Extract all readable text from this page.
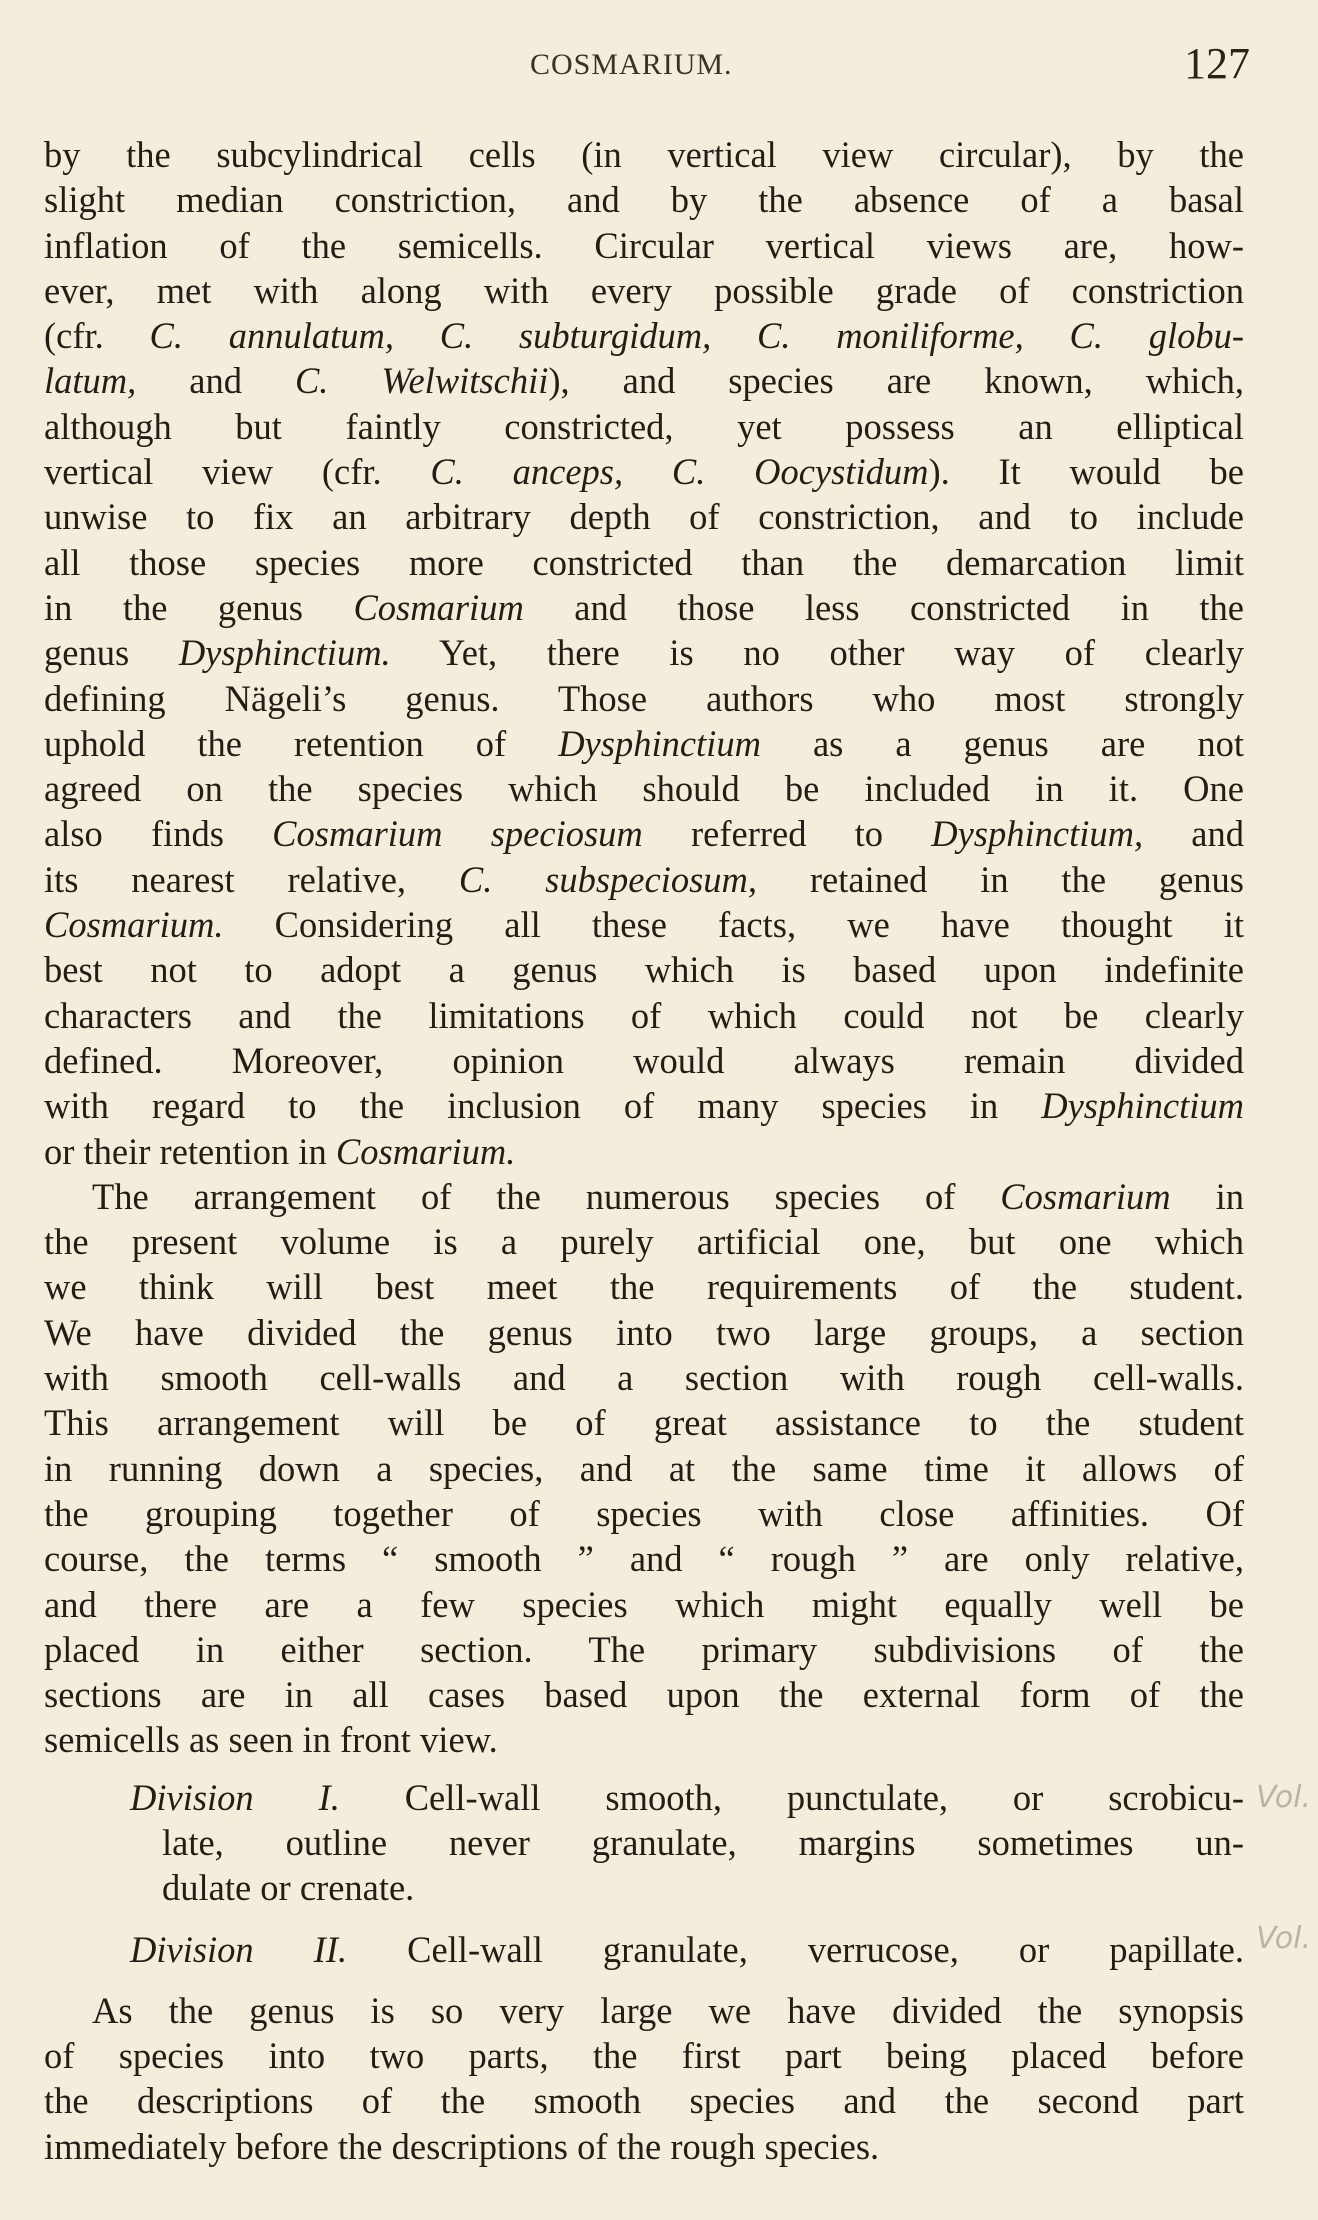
COSMARIUM.	127
by the subcylindrical cells (in vertical view circular), by the
slight median constriction, and by the absence of a basal
inflation of the semicells. Circular vertical views are, how-
ever, met with along with every possible grade of constriction
(cfr. C. annulatum, C. subturgidum, C. moniliforme, C. globu-
latum, and C. Welwitschii), and species are known, which,
although but faintly constricted, yet possess an elliptical
vertical view (cfr. C. anceps, C. Oocystidum). It would be
unwise to fix an arbitrary depth of constriction, and to include
all those species more constricted than the demarcation limit
in the genus Cosmarium and those less constricted in the
genus Dysphinctium. Yet, there is no other way of clearly
defining Nägeli’s genus. Those authors who most strongly
uphold the retention of Dysphinctium as a genus are not
agreed on the species which should be included in it. One
also finds Cosmarium speciosum referred to Dysphinctium, and
its nearest relative, C. subspeciosum, retained in the genus
Cosmarium. Considering all these facts, we have thought it
best not to adopt a genus which is based upon indefinite
characters and the limitations of which could not be clearly
defined. Moreover, opinion would always remain divided
with regard to the inclusion of many species in Dysphinctium
or their retention in Cosmarium.
The arrangement of the numerous species of Cosmarium in
the present volume is a purely artificial one, but one which
we think will best meet the requirements of the student.
We have divided the genus into two large groups, a section
with smooth cell-walls and a section with rough cell-walls.
This arrangement will be of great assistance to the student
in running down a species, and at the same time it allows of
the grouping together of species with close affinities. Of
course, the terms “ smooth ” and “ rough ” are only relative,
and there are a few species which might equally well be
placed in either section. The primary subdivisions of the
sections are in all cases based upon the external form of the
semicells as seen in front view.
Division I. Cell-wall smooth, punctulate, or scrobicu-
late, outline never granulate, margins sometimes un-
dulate or crenate.
Division II. Cell-wall granulate, verrucose, or papillate.
As the genus is so very large we have divided the synopsis
of species into two parts, the first part being placed before
the descriptions of the smooth species and the second part
immediately before the descriptions of the rough species.
Vol.
Vol.
